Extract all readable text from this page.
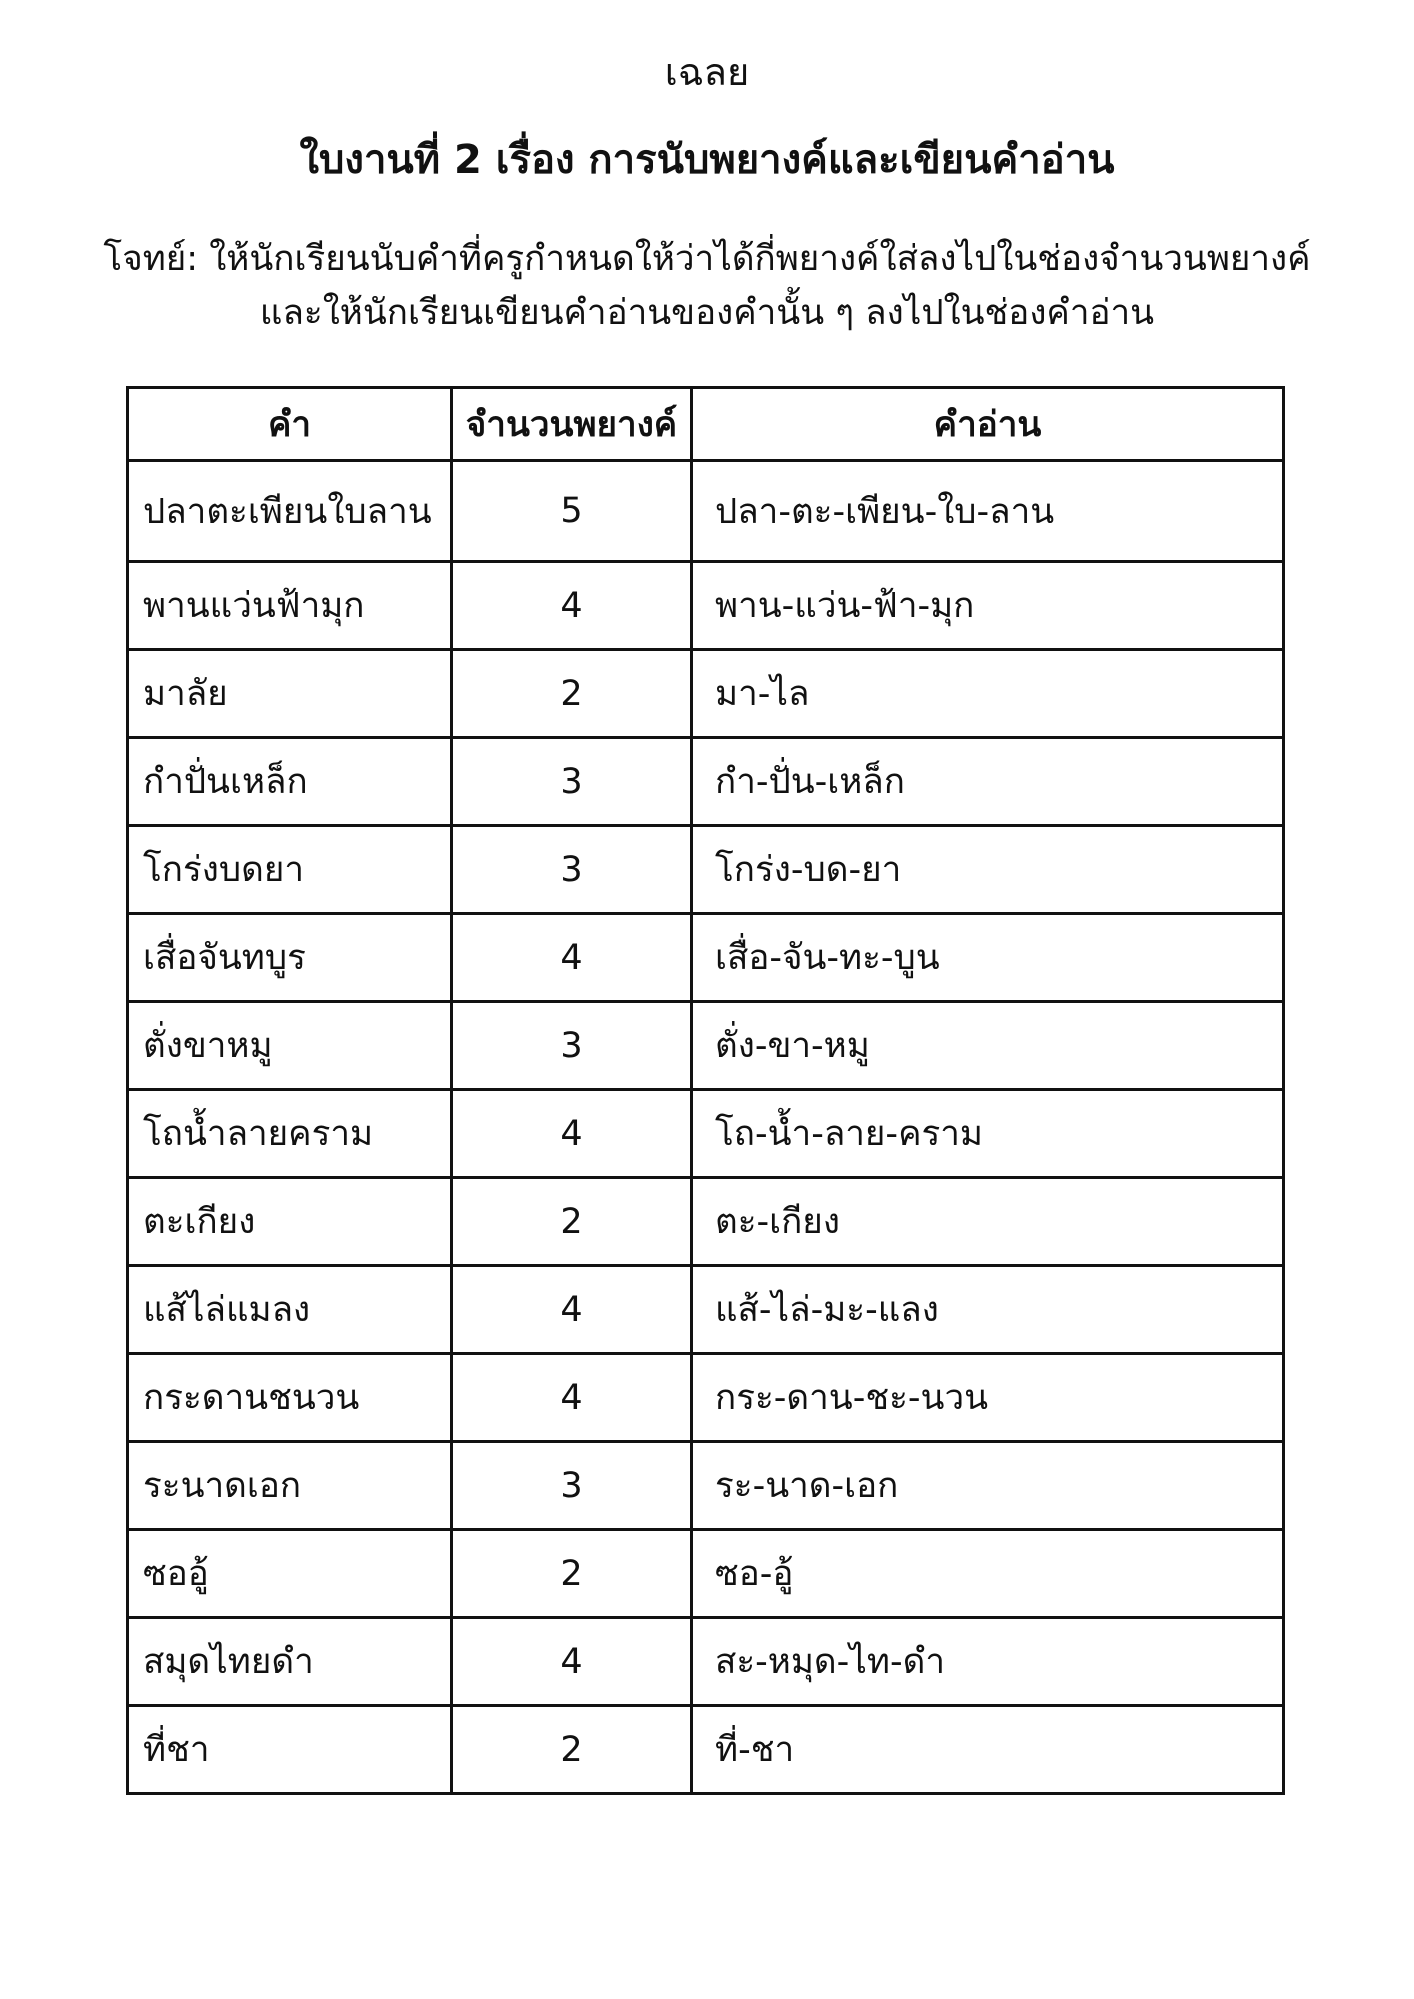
เฉลย
ใบงานที่ 2 เรื่อง การนับพยางค์และเขียนคำอ่าน
โจทย์: ให้นักเรียนนับคำที่ครูกำหนดให้ว่าได้กี่พยางค์ใส่ลงไปในช่องจำนวนพยางค์
และให้นักเรียนเขียนคำอ่านของคำนั้น ๆ ลงไปในช่องคำอ่าน
คำ	จำนวนพยางค์	คำอ่าน
ปลาตะเพียนใบลาน	5	ปลา-ตะ-เพียน-ใบ-ลาน
พานแว่นฟ้ามุก	4	พาน-แว่น-ฟ้า-มุก
มาลัย	2	มา-ไล
กำปั่นเหล็ก	3	กำ-ปั่น-เหล็ก
โกร่งบดยา	3	โกร่ง-บด-ยา
เสื่อจันทบูร	4	เสื่อ-จัน-ทะ-บูน
ตั่งขาหมู	3	ตั่ง-ขา-หมู
โถน้ำลายคราม	4	โถ-น้ำ-ลาย-คราม
ตะเกียง	2	ตะ-เกียง
แส้ไล่แมลง	4	แส้-ไล่-มะ-แลง
กระดานชนวน	4	กระ-ดาน-ชะ-นวน
ระนาดเอก	3	ระ-นาด-เอก
ซออู้	2	ซอ-อู้
สมุดไทยดำ	4	สะ-หมุด-ไท-ดำ
ที่ชา	2	ที่-ชา
